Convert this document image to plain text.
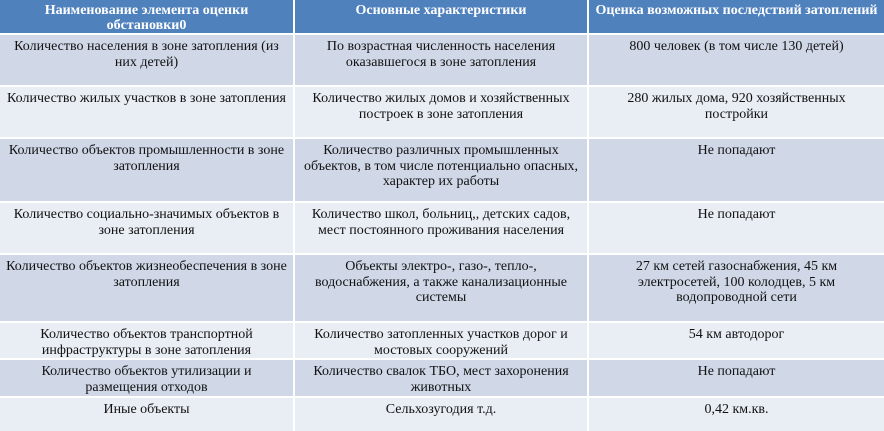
Наименование элемента оценки обстановки0	Основные характеристики	Оценка возможных последствий затоплений
Количество населения в зоне затопления (из них детей)	По возрастная численность населения оказавшегося в зоне затопления	800 человек (в том числе 130 детей)
Количество жилых участков в зоне затопления	Количество жилых домов и хозяйственных построек в зоне затопления	280 жилых дома, 920 хозяйственных постройки
Количество объектов промышленности в зоне затопления	Количество различных промышленных объектов, в том числе потенциально опасных, характер их работы	Не попадают
Количество социально-значимых объектов в зоне затопления	Количество школ, больниц,, детских садов, мест постоянного проживания населения	Не попадают
Количество объектов жизнеобеспечения в зоне затопления	Объекты электро-, газо-, тепло-, водоснабжения, а также канализационные системы	27 км сетей газоснабжения, 45 км электросетей, 100 колодцев, 5 км водопроводной сети
Количество объектов транспортной инфраструктуры в зоне затопления	Количество затопленных участков дорог и мостовых сооружений	54 км автодорог
Количество объектов утилизации и размещения отходов	Количество свалок ТБО, мест захоронения животных	Не попадают
Иные объекты	Сельхозугодия т.д.	0,42 км.кв.
